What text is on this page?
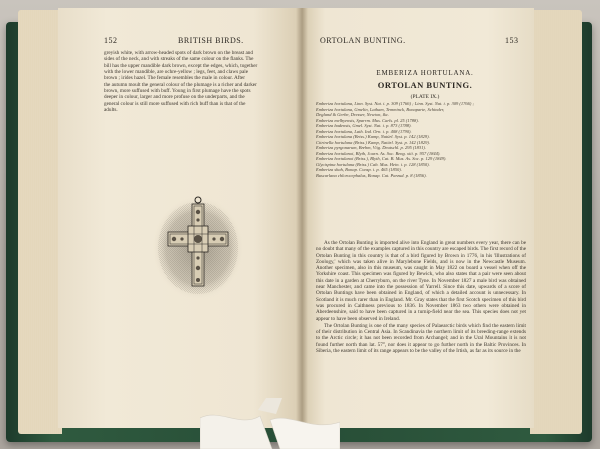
152	BRITISH BIRDS.
greyish white, with arrow-headed spots of dark brown on the breast and
sides of the neck, and with streaks of the same colour on the flanks. The
bill has the upper mandible dark brown, except the edges, which, together
with the lower mandible, are ochre-yellow ; legs, feet, and claws pale
brown ; irides hazel. The female resembles the male in colour. After
the autumn moult the general colour of the plumage is a richer and darker
brown, more suffused with buff. Young in first plumage have the spots
deeper in colour, larger and more profuse on the underparts, and the
general colour is still more suffused with rich buff than is that of the
adults.
ORTOLAN BUNTING.	153
EMBERIZA HORTULANA.
ORTOLAN BUNTING.
(PLATE IX.)
Emberiza hortulana, Linn. Syst. Nat. i. p. 309 (1766) ; Linn. Syst. Nat. i. p. 309 (1766) ;
Emberiza hortulana, Gmelin, Latham, Temminck, Bonaparte, Schinder,
Degland & Gerbe, Dresser, Newton, &c.
Emberiza melbyensis, Sparrm. Mus. Carls. pl. 25 (1788).
Emberiza badensis, Gmel. Syst. Nat. i. p. 873 (1788).
Emberiza hortulana, Lath. Ind. Orn. i. p. 408 (1790).
Emberiza hortulana (Briss.) Kamp, Natürl. Syst. p. 142 (1829).
Citrinella hortulana (Briss.) Kamp, Natürl. Syst. p. 142 (1829).
Emberiza pyrgonarum, Brehm, Vög. Deutschl. p. 295 (1831).
Emberiza hortulanoi, Blyth, Journ. As. Soc. Beng. xiii. p. 957 (1844).
Emberiza hortulanoi (Briss.), Blyth, Cat. B. Mus. As. Soc. p. 129 (1849).
Glycispina hortulana (Briss.) Cab. Mus. Hein. i. p. 128 (1850).
Emberiza shah, Bonap. Consp. i. p. 465 (1850).
Buscarlana chlorocephalus, Bonap. Cat. Parzud. p. 8 (1856).

As the Ortolan Bunting is imported alive into England in great numbers every year, there can be no doubt that many of the examples captured in this country are escaped birds. The first record of the Ortolan Bunting in this country is that of a bird figured by Brown in 1776, in his 'Illustrations of Zoology,' which was taken alive in Marylebone Fields, and is now in the Newcastle Museum. Another specimen, also in this museum, was caught in May 1822 on board a vessel when off the Yorkshire coast. This specimen was figured by Bewick, who also states that a pair were seen about this date in a garden at Cherryburn, on the river Tyne. In November 1827 a male bird was obtained near Manchester, and came into the possession of Yarrell. Since this date, upwards of a score of Ortolan Buntings have been obtained in England, of which a detailed account is unnecessary. In Scotland it is much rarer than in England. Mr. Gray states that the first Scotch specimen of this bird was procured in Caithness previous to 1836. In November 1863 two others were obtained in Aberdeenshire, said to have been captured in a turnip-field near the sea. This species does not yet appear to have been observed in Ireland.

The Ortolan Bunting is one of the many species of Palaearctic birds which find the eastern limit of their distribution in Central Asia. In Scandinavia the northern limit of its breeding-range extends to the Arctic circle; it has not been recorded from Archangel; and in the Ural Mountains it is not found further north than lat. 57°, nor does it appear to go further north in the Baltic Provinces. In Siberia, the eastern limit of its range appears to be the valley of the Irtish, as far as its source in the
